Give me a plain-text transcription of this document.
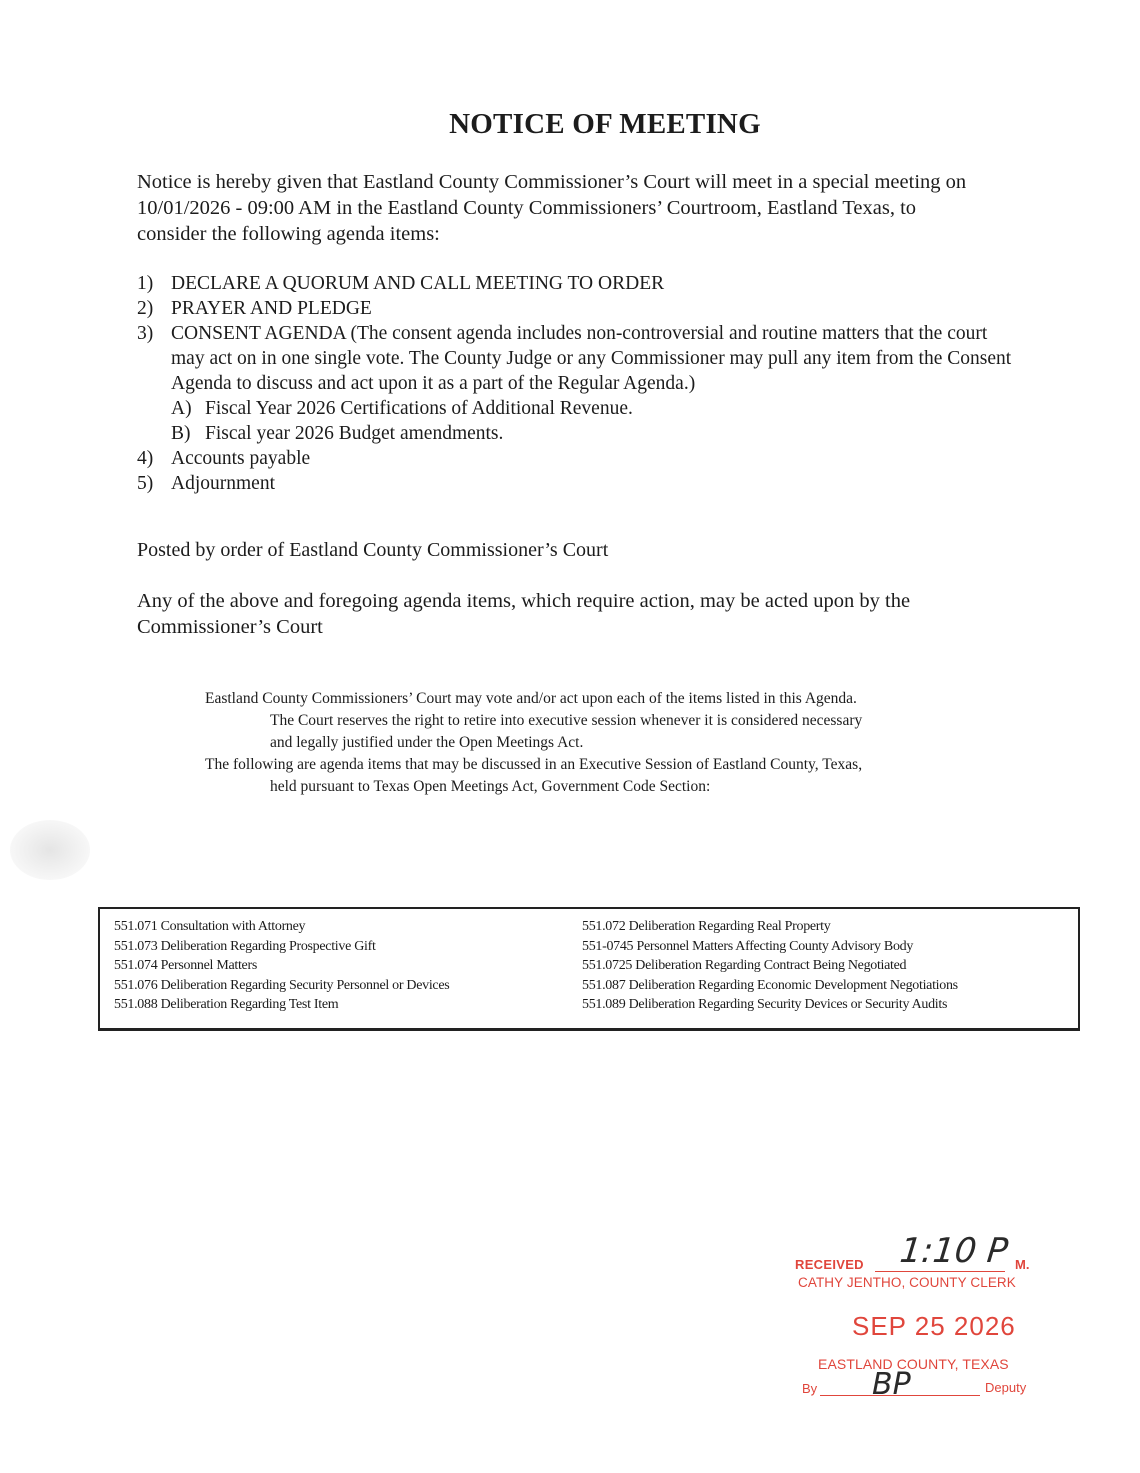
NOTICE OF MEETING
Notice is hereby given that Eastland County Commissioner’s Court will meet in a special meeting on 10/01/2026 - 09:00 AM in the Eastland County Commissioners’ Courtroom, Eastland Texas, to consider the following agenda items:
1) DECLARE A QUORUM AND CALL MEETING TO ORDER
2) PRAYER AND PLEDGE
3) CONSENT AGENDA (The consent agenda includes non-controversial and routine matters that the court may act on in one single vote. The County Judge or any Commissioner may pull any item from the Consent Agenda to discuss and act upon it as a part of the Regular Agenda.)
A) Fiscal Year 2026 Certifications of Additional Revenue.
B) Fiscal year 2026 Budget amendments.
4) Accounts payable
5) Adjournment
Posted by order of Eastland County Commissioner’s Court
Any of the above and foregoing agenda items, which require action, may be acted upon by the Commissioner’s Court

Eastland County Commissioners’ Court may vote and/or act upon each of the items listed in this Agenda.
The Court reserves the right to retire into executive session whenever it is considered necessary
and legally justified under the Open Meetings Act.

The following are agenda items that may be discussed in an Executive Session of Eastland County, Texas,
held pursuant to Texas Open Meetings Act, Government Code Section:

551.071 Consultation with Attorney
551.073 Deliberation Regarding Prospective Gift
551.074 Personnel Matters
551.076 Deliberation Regarding Security Personnel or Devices
551.088 Deliberation Regarding Test Item
551.072 Deliberation Regarding Real Property
551-0745 Personnel Matters Affecting County Advisory Body
551.0725 Deliberation Regarding Contract Being Negotiated
551.087 Deliberation Regarding Economic Development Negotiations
551.089 Deliberation Regarding Security Devices or Security Audits
RECEIVED 1:10 P M.
CATHY JENTHO, COUNTY CLERK
SEP 25 2026
EASTLAND COUNTY, TEXAS
By BP	Deputy
